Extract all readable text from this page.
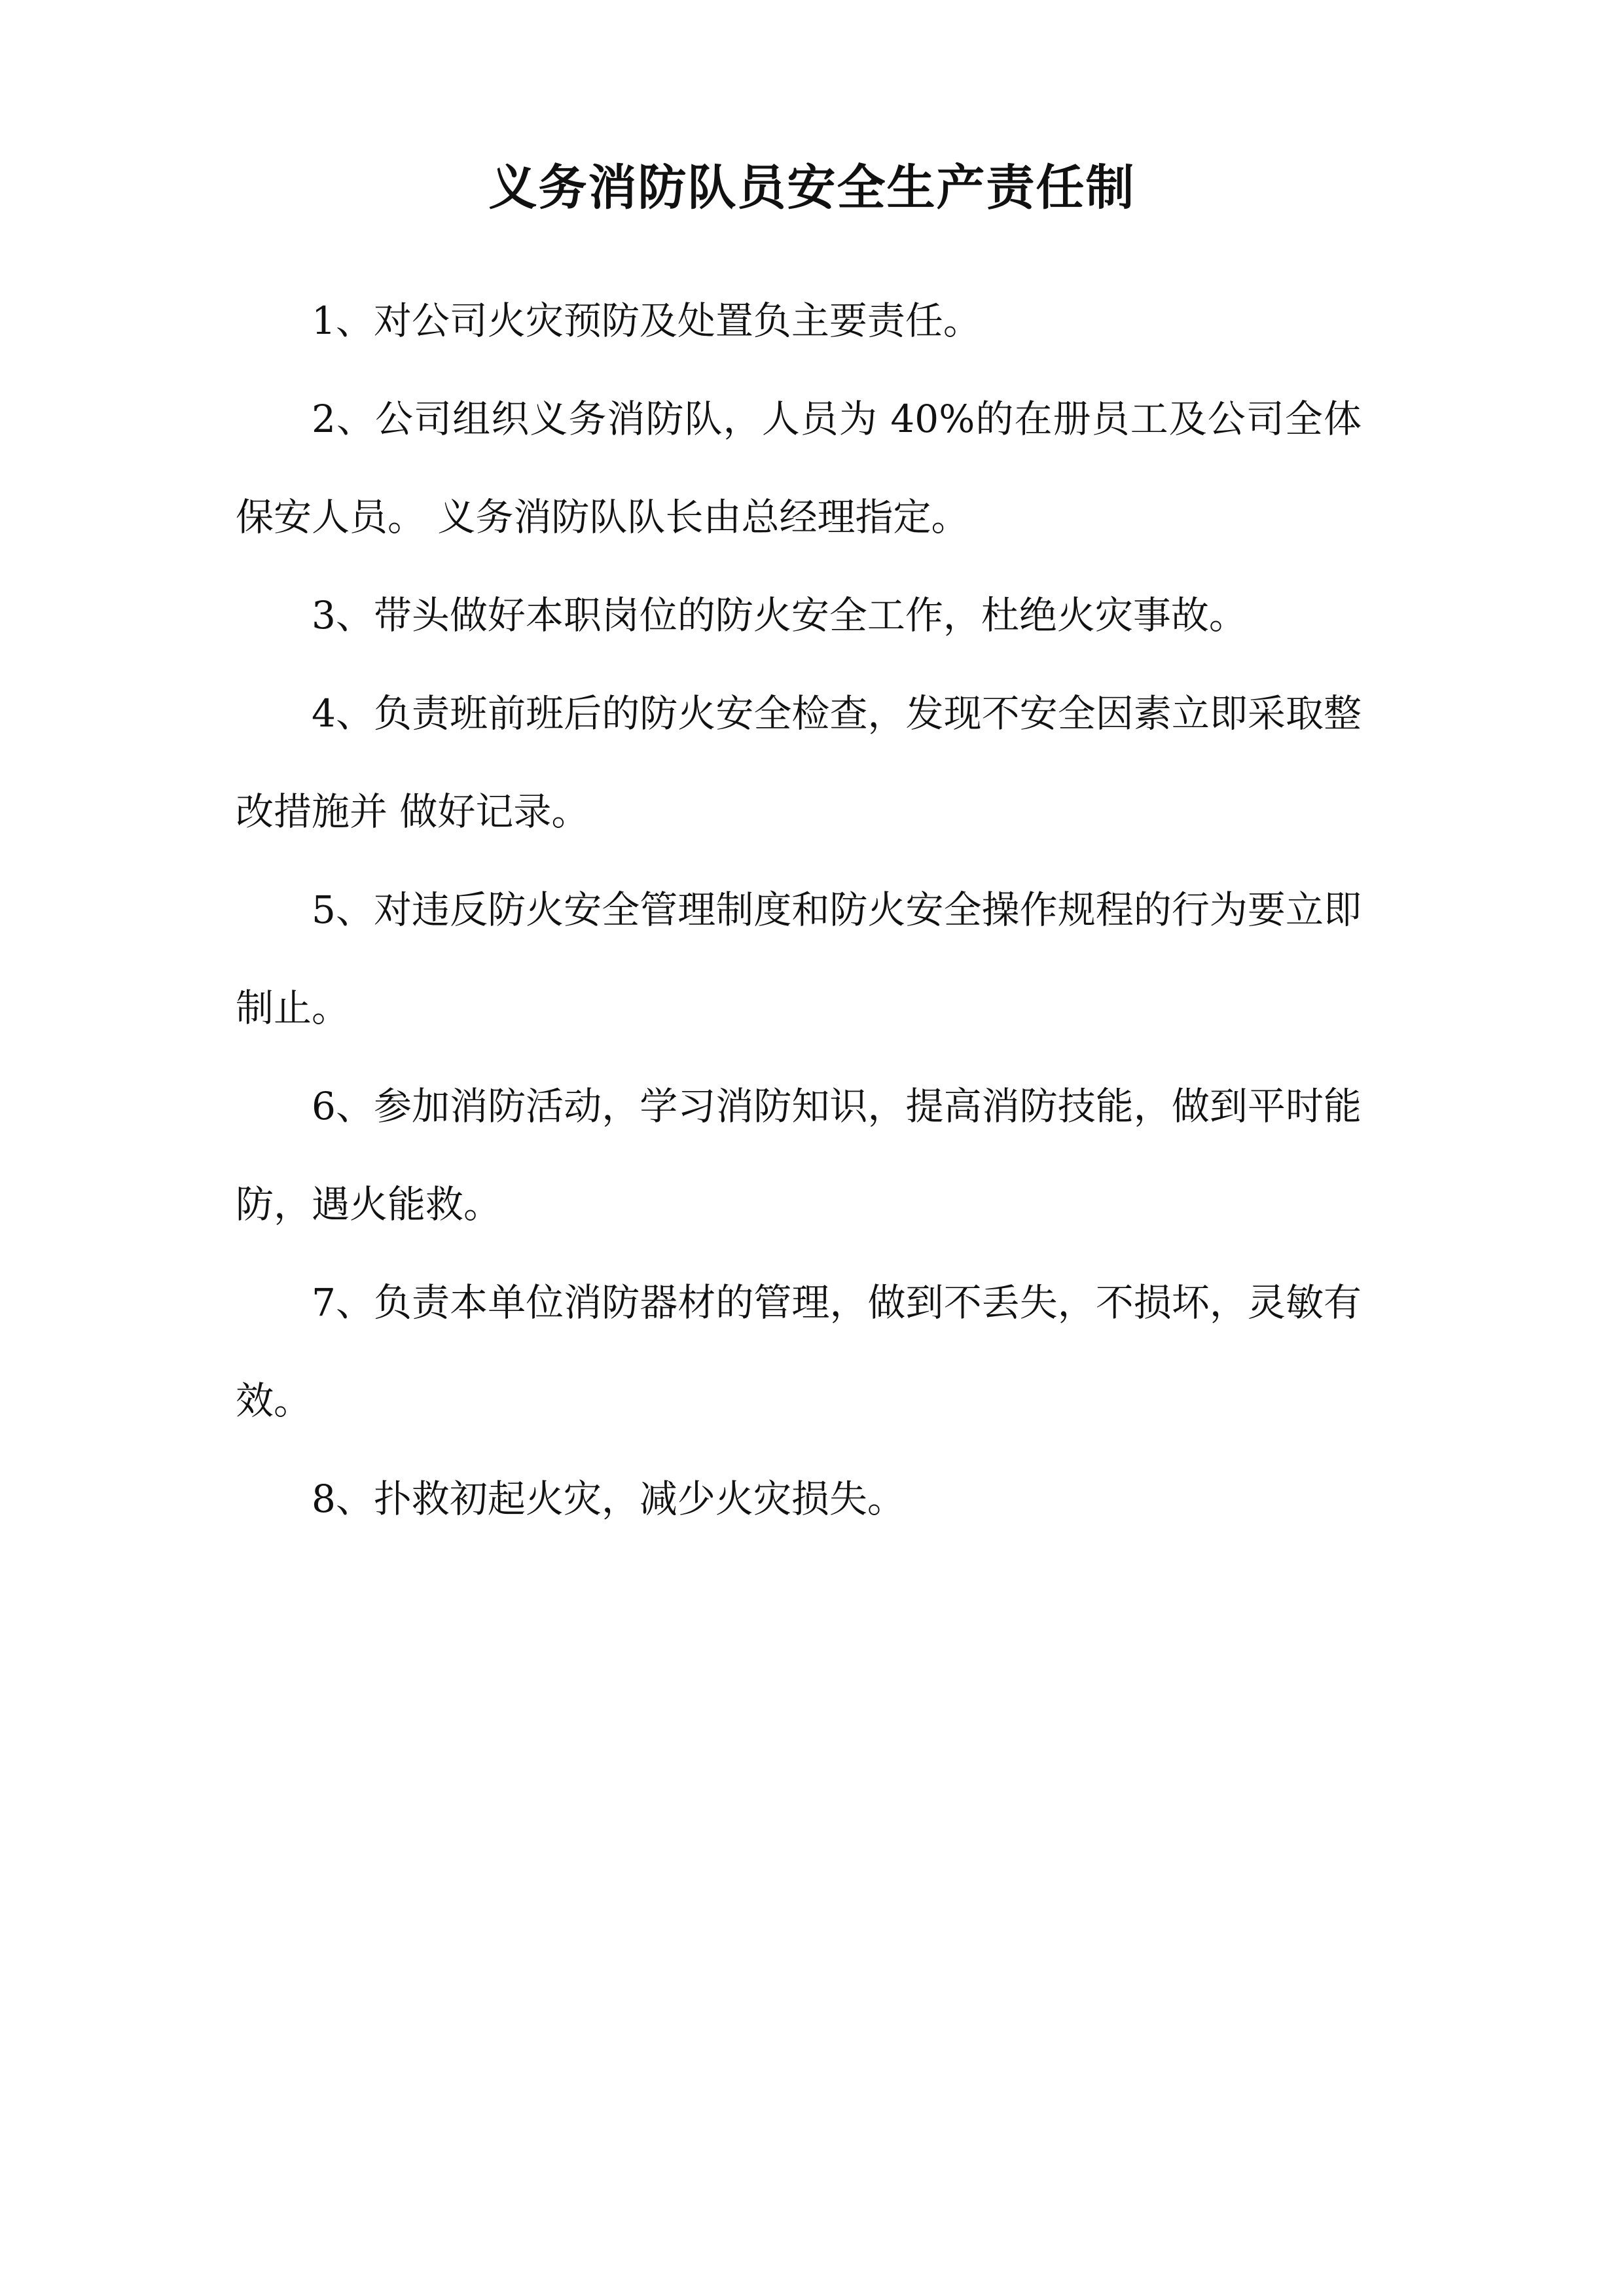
义务消防队员安全生产责任制

1、对公司火灾预防及处置负主要责任。

2、公司组织义务消防队，人员为 40%的在册员工及公司全体保安人员。 义务消防队队长由总经理指定。

3、带头做好本职岗位的防火安全工作，杜绝火灾事故。

4、负责班前班后的防火安全检查，发现不安全因素立即采取整改措施并 做好记录。

5、对违反防火安全管理制度和防火安全操作规程的行为要立即制止。

6、参加消防活动，学习消防知识，提高消防技能，做到平时能防，遇火能救。

7、负责本单位消防器材的管理，做到不丢失，不损坏，灵敏有效。

8、扑救初起火灾，减少火灾损失。
